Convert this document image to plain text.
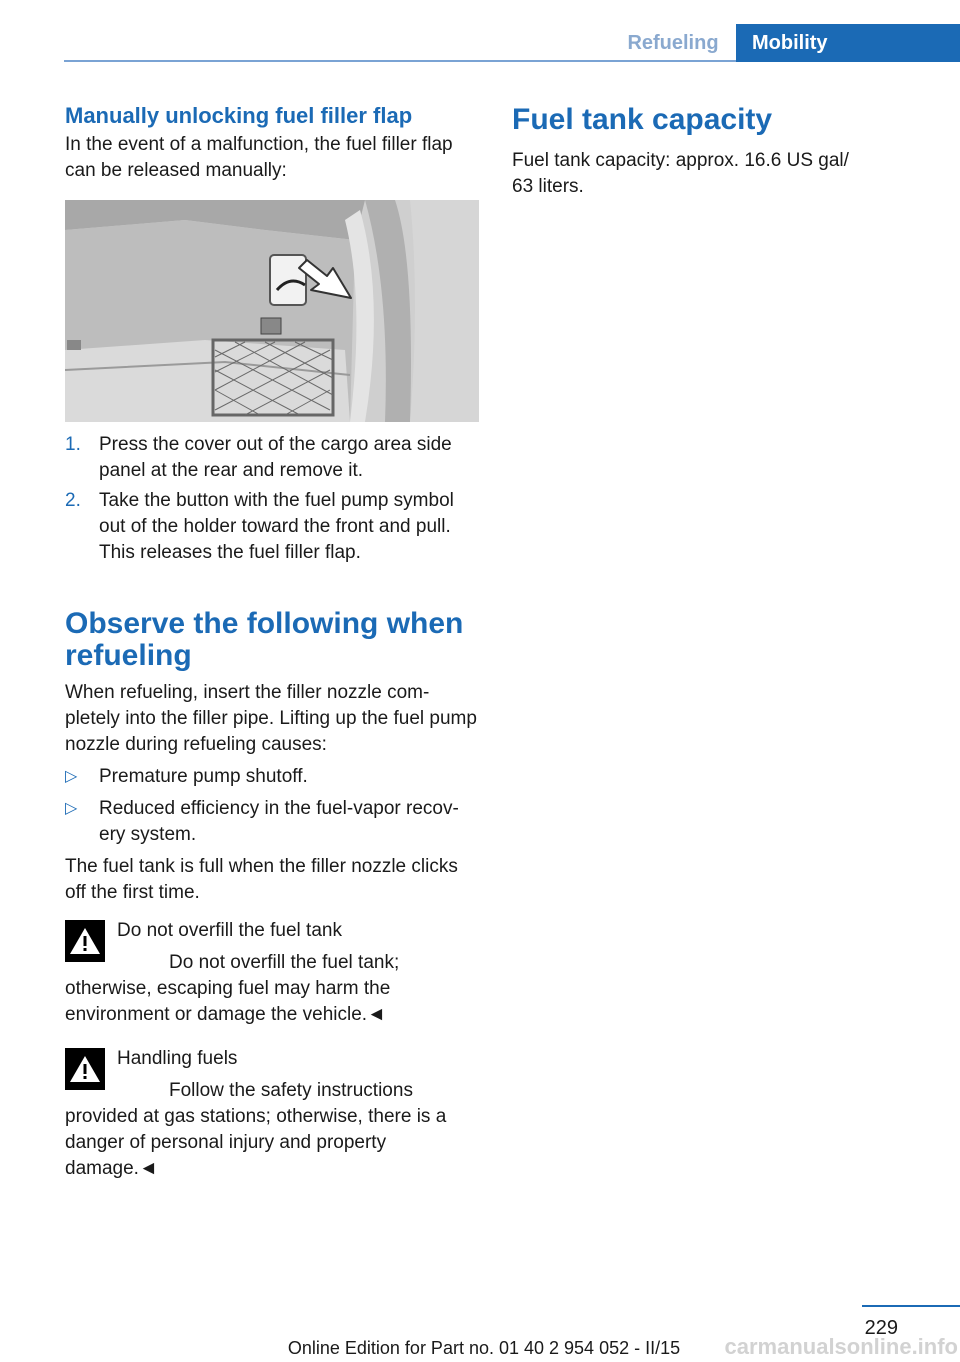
Refueling	Mobility
Manually unlocking fuel filler flap
In the event of a malfunction, the fuel filler flap can be released manually:
1. Press the cover out of the cargo area side panel at the rear and remove it.
2. Take the button with the fuel pump symbol out of the holder toward the front and pull. This releases the fuel filler flap.
Observe the following when refueling
When refueling, insert the filler nozzle com‐pletely into the filler pipe. Lifting up the fuel pump nozzle during refueling causes:
▷ Premature pump shutoff.
▷ Reduced efficiency in the fuel-vapor recov‐ery system.
The fuel tank is full when the filler nozzle clicks off the first time.
Do not overfill the fuel tank
Do not overfill the fuel tank; otherwise, escaping fuel may harm the environment or damage the vehicle.◄
Handling fuels
Follow the safety instructions provided at gas stations; otherwise, there is a danger of personal injury and property damage.◄
Fuel tank capacity
Fuel tank capacity: approx. 16.6 US gal/ 63 liters.
229
Online Edition for Part no. 01 40 2 954 052 - II/15	carmanualsonline.info
